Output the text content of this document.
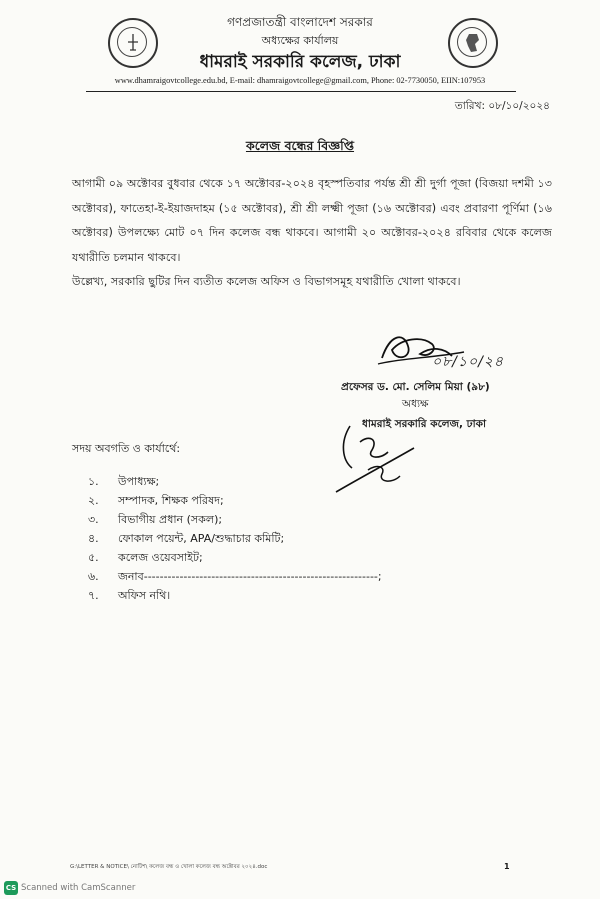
গণপ্রজাতন্ত্রী বাংলাদেশ সরকার
অধ্যক্ষের কার্যালয়
ধামরাই সরকারি কলেজ, ঢাকা
www.dhamraigovtcollege.edu.bd, E-mail: dhamraigovtcollege@gmail.com, Phone: 02-7730050, EIIN:107953
তারিখ: ০৮/১০/২০২৪
কলেজ বন্ধের বিজ্ঞপ্তি
আগামী ০৯ অক্টোবর বুধবার থেকে ১৭ অক্টোবর-২০২৪ বৃহস্পতিবার পর্যন্ত শ্রী শ্রী দুর্গা পূজা (বিজয়া দশমী ১৩ অক্টোবর), ফাতেহা-ই-ইয়াজদাহম (১৫ অক্টোবর), শ্রী শ্রী লক্ষ্মী পূজা (১৬ অক্টোবর) এবং প্রবারণা পূর্ণিমা (১৬ অক্টোবর) উপলক্ষ্যে মোট ০৭ দিন কলেজ বন্ধ থাকবে। আগামী ২০ অক্টোবর-২০২৪ রবিবার থেকে কলেজ যথারীতি চলমান থাকবে।
উল্লেখ্য, সরকারি ছুটির দিন ব্যতীত কলেজ অফিস ও বিভাগসমূহ যথারীতি খোলা থাকবে।
০৮/১০/২৪
প্রফেসর ড. মো. সেলিম মিয়া (৯৮)
অধ্যক্ষ
ধামরাই সরকারি কলেজ, ঢাকা
সদয় অবগতি ও কার্যার্থে:
১. উপাধ্যক্ষ;
২. সম্পাদক, শিক্ষক পরিষদ;
৩. বিভাগীয় প্রধান (সকল);
৪. ফোকাল পয়েন্ট, APA/শুদ্ধাচার কমিটি;
৫. কলেজ ওয়েবসাইট;
৬. জনাব-----------------------------------------------------------;
৭. অফিস নথি।
G:\LETTER & NOTICE\ নোটিশ\ কলেজ বন্ধ ও খোলা কলেজ বন্ধ অক্টোবর ২০২৪.doc	1
CS Scanned with CamScanner
